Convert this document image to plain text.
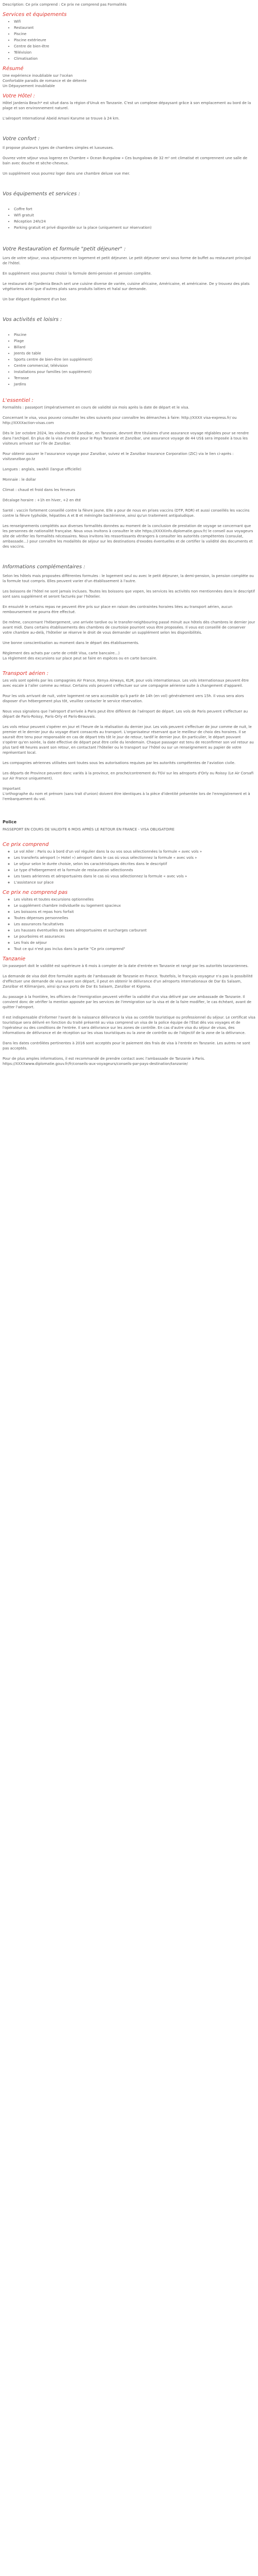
Description: Ce prix comprend : Ce prix ne comprend pas Formalités

Services et équipements
• Wifi
• Restaurant
• Piscine
• Piscine extérieure
• Centre de bien-être
• Télévision
• Climatisation
Résumé

Une expérience inoubliable sur l'océan

Confortable paradis de romance et de détente

Un Dépaysement inoubliable

Votre Hôtel :

Hôtel Jardenia Beach* est situé dans la région d'Unuk en Tanzanie. C'est un complexe dépaysant grâce à son emplacement au bord de la plage et son environnement naturel.

L'aéroport International Abeid Amani Karume se trouve à 24 km.

Votre confort :

Il propose plusieurs types de chambres simples et luxueuses.

Ouvrez votre séjour vous logerez en Chambre « Ocean Bungalow » Ces bungalows de 32 m² ont climatisé et comprennent une salle de bain avec douche et sèche-cheveux.

Un supplément vous pourrez loger dans une chambre deluxe vue mer.

Vos équipements et services :
• Coffre fort
• Wifi gratuit
• Réception 24h/24
• Parking gratuit et privé disponible sur la place (uniquement sur réservation)
Votre Restauration et formule "petit déjeuner" :

Lors de votre séjour, vous séjournerez en logement et petit déjeuner. Le petit déjeuner servi sous forme de buffet au restaurant principal de l'hôtel.

En supplément vous pourrez choisir la formule demi-pension et pension complète.

Le restaurant de l'Jardenia Beach sert une cuisine diverse de variée, cuisine africaine, Américaine, et américaine. De y trouvez des plats végétariens ainsi que d'autres plats sans produits laitiers et halal sur demande.

Un bar élégant également d'un bar.

Vos activités et loisirs :
• Piscine
• Plage
• Billard
• Jeents de table
• Sports centre de bien-être (en supplément)
• Centre commercial, télévision
• Installations pour familles (en supplément)
• Terrasse
• Jardins
L'essentiel :

Formalités : passeport (impérativement en cours de validité six mois après la date de départ et le visa.

Concernant le visa, vous pouvez consulter les sites suivants pour connaître les démarches à faire: http://XXXX visa-express.fr/ ou http://XXXXaction-visas.com

Dès le 1er octobre 2024, les visiteurs de Zanzibar, en Tanzanie, devront être titulaires d'une assurance voyage réglables pour se rendre dans l'archipel. En plus de la visa d'entrée pour le Pays Tanzanie et Zanzibar, une assurance voyage de 44 US$ sera imposée à tous les visiteurs arrivant sur l'île de Zanzibar.

Pour obtenir assurer le l'assurance voyage pour Zanzibar, suivez et le Zanzibar Insurance Corporation (ZIC) via le lien ci-après : visitzanzibar.go.tz

Langues : anglais, swahili (langue officielle)

Monnaie : le dollar

Climat : chaud et froid dans les ferveurs

Décalage horaire : +1h en hiver, +2 en été

Santé : vaccin fortement conseillé contre la fièvre jaune. Elle a pour de nous en prises vaccins (DTP, ROR) et aussi conseillés les vaccins contre la fièvre typhoïde, hépatites A et B et méningite bactérienne, ainsi qu'un traitement antipaludique.

Les renseignements complétés aux diverses formalités données au moment de la conclusion de prestation de voyage se concernant que les personnes de nationalité française. Nous vous invitons à consulter le site https://XXXXinfo.diplomatie.gouv.fr/ le conseil aux voyageurs site de vérifier les formalités nécessaires. Nous invitons les ressortissants étrangers à consulter les autorités compétentes (consulat, ambassade…) pour connaître les modalités de séjour sur les destinations d'exodes éventuelles et de certifier la validité des documents et des vaccins.

Informations complémentaires :

Selon les hôtels mais proposées différentes formules : le logement seul ou avec le petit déjeuner, la demi-pension, la pension complète ou la formule tout compris. Elles peuvent varier d'un établissement à l'autre.

Les boissons de l'hôtel ne sont jamais incluses. Toutes les boissons que vopen, les services les activités non mentionnées dans le descriptif sont sans supplément et seront facturés par l'hôtelier.

En ensuivtè le certains repas ne peuvent être pris sur place en raison des contraintes horaires liées au transport aérien, aucun remboursement ne pourra être effectué.

De même, concernant l'hébergement, une arrivée tardive ou le transfer-neighbouring passé minuit aux hôtels dès chambres le dernier jour avant midi. Dans certains établissements des chambres de courtoisie pourront vous être proposées. Il vous est conseillé de conserver votre chambre au-delà, l'hôtelier se réserve le droit de vous demander un supplément selon les disponibilités.

Une bonne conscientisation au moment dans le départ des établissements.

Règlement des achats par carte de crédit Visa, carte bancaire…)

La règlement des excursions sur place peut se faire en espèces ou en carte bancaire.

Transport aérien :

Les vols sont opérés par les compagnies Air France, Kenya Airways, KLM, pour vols internationaux. Les vols internationaux peuvent être avec escale à l'aller comme au retour. Certains vols peuvent s'effectuer sur une compagnie aérienne suite à changement d'appareil.

Pour les vols arrivant de nuit, votre logement ne sera accessible qu'à partir de 14h (en vol) généralement vers 15h. Il vous sera alors disposer d'un hébergement plus tôt, veuillez contacter le service réservation.

Nous vous signalons que l'aéroport d'arrivée à Paris peut être différent de l'aéroport de départ. Les vols de Paris peuvent s'effectuer au départ de Paris-Roissy, Paris-Orly et Paris-Beauvais.

Les vols retour peuvent s'opérer en jour et l'heure de la réalisation du dernier jour. Les vols peuvent s'effectuer de jour comme de nuit, le premier et le dernier jour du voyage étant consacrés au transport. L'organisateur réservant que le meilleur de choix des horaires. Il se saurait être tenu pour responsable en cas de départ très tôt le jour de retour, tardif le dernier jour. En particulier, le départ pouvant s'opérer qu'en soirée, la date effective de départ peut être celle du lendemain. Chaque passager est tenu de reconfirmer son vol retour au plus tard 48 heures avant son retour, en contactant l'hôtelier ou le transport sur l'hôtel ou sur un renseignement au papier de votre représentant local.

Les compagnies aériennes utilisées sont toutes sous les autorisations requises par les autorités compétentes de l'aviation civile.

Les départs de Province peuvent donc variés à la province, en proche/contrement du TGV sur les aéroports d'Orly ou Roissy (Le Air Corsafi sur Air France uniquement).

Important

L'orthographe du nom et prénom (sans trait d'union) doivent être identiques à la pièce d'identité présentée lors de l'enregistrement et à l'embarquement du vol.

Police

PASSEPORT EN COURS DE VALIDITE 6 MOIS APRÈS LE RETOUR EN FRANCE - VISA OBLIGATOIRE

Ce prix comprend
◦ Le vol Aller : Paris ou à bord d'un vol régulier dans la ou vos sous sélectionnées la formule « avec vols »
◦ Les transferts aéroport (« Hotel ») aéroport dans le cas où vous sélectionnez la formule « avec vols »
◦ Le séjour selon le durée choisie, selon les caractéristiques décrites dans le descriptif
◦ Le type d'hébergement et la formule de restauration sélectionnés
◦ Les taxes aériennes et aéroportuaires dans le cas où vous sélectionnez la formule « avec vols »
◦ L'assistance sur place
Ce prix ne comprend pas
◦ Les visites et toutes excursions optionnelles
◦ Le supplément chambre individuelle ou logement spacieux
◦ Les boissons et repas hors forfait
◦ Toutes dépenses personnelles
◦ Les assurances facultatives
◦ Les hausses éventuelles de taxes aéroportuaires et surcharges carburant
◦ Le pourboires et assurances
◦ Les frais de séjour
◦ Tout ce qui n'est pas inclus dans la partie "Ce prix comprend"
Tanzanie

Un passeport doit le validité est supérieure à 6 mois à compter de la date d'entrée en Tanzanie et rangé par les autorités tanzaniennes.

La demande de visa doit être formulée auprès de l'ambassade de Tanzanie en France. Toutefois, le français voyageur n'a pas la possibilité d'effectuer une demande de visa avant son départ, il peut en obtenir le délivrance d'un aéroports internationaux de Dar Es Salaam, Zanzibar et Kilimanjaro, ainsi qu'aux ports de Dar Es Salaam, Zanzibar et Kigoma.

Au passage à la frontière, les officiers de l'immigration peuvent vérifier la validité d'un visa délivré par une ambassade de Tanzanie. Il convient donc de vérifier la mention apposée par les services de l'immigration sur la visa et de la faire modifier, le cas échéant, avant de quitter l'aéroport.

Il est indispensable d'informer l'avant de la naissance délivrance la visa au contrôle touristique ou professionnel du séjour. Le certificat visa touristique sera délivré en fonction du traité présenté au visa comprend un visa de la police équipe de l'État dès vos voyages et de l'opérateur ou des conditions de l'entrée. Il sera délivrance sur les zones de contrôle. En cas d'autre visa du séjour de visas, des informations de délivrance et de réception sur les visas touristiques ou la zone de contrôle ou de l'objectif de la zone de la délivrance.

Dans les dates contrôlées pertinentes à 2016 sont acceptés pour le paiement des frais de visa à l'entrée en Tanzanie. Les autres ne sont pas acceptés.

Pour de plus amples informations, il est recommandé de prendre contact avec l'ambassade de Tanzanie à Paris.

https://XXXXwww.diplomatie.gouv.fr/fr/conseils-aux-voyageurs/conseils-par-pays-destination/tanzanie/
